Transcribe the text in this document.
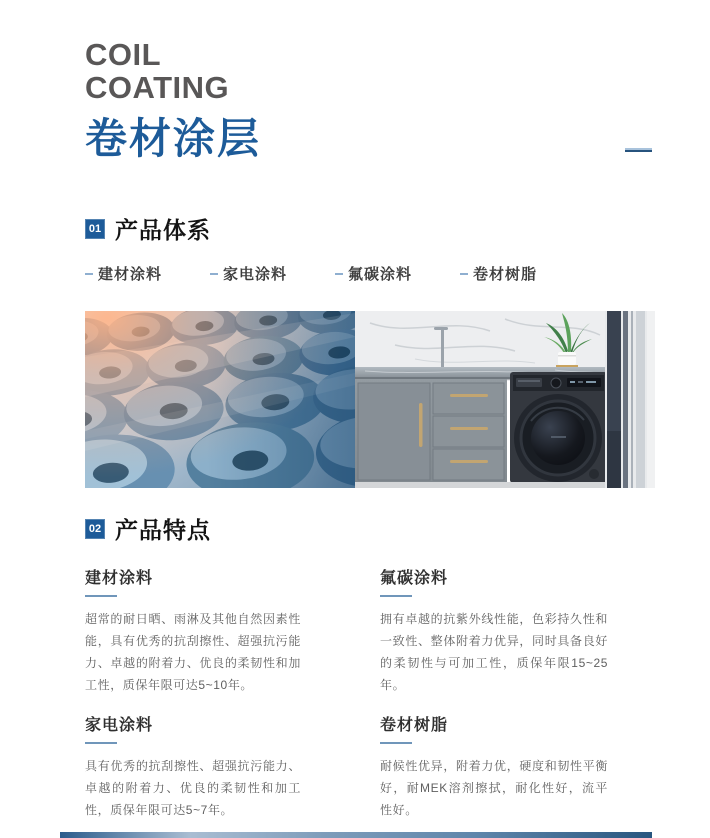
COIL
COATING
卷材涂层
01 产品体系
建材涂料	家电涂料	氟碳涂料	卷材树脂
02 产品特点
建材涂料

超常的耐日晒、雨淋及其他自然因素性能，具有优秀的抗刮擦性、超强抗污能力、卓越的附着力、优良的柔韧性和加工性，质保年限可达5~10年。

氟碳涂料

拥有卓越的抗紫外线性能，色彩持久性和一致性、整体附着力优异，同时具备良好的柔韧性与可加工性，质保年限15~25年。

家电涂料

具有优秀的抗刮擦性、超强抗污能力、卓越的附着力、优良的柔韧性和加工性，质保年限可达5~7年。

卷材树脂

耐候性优异，附着力优，硬度和韧性平衡好，耐MEK溶剂擦拭，耐化性好，流平性好。
